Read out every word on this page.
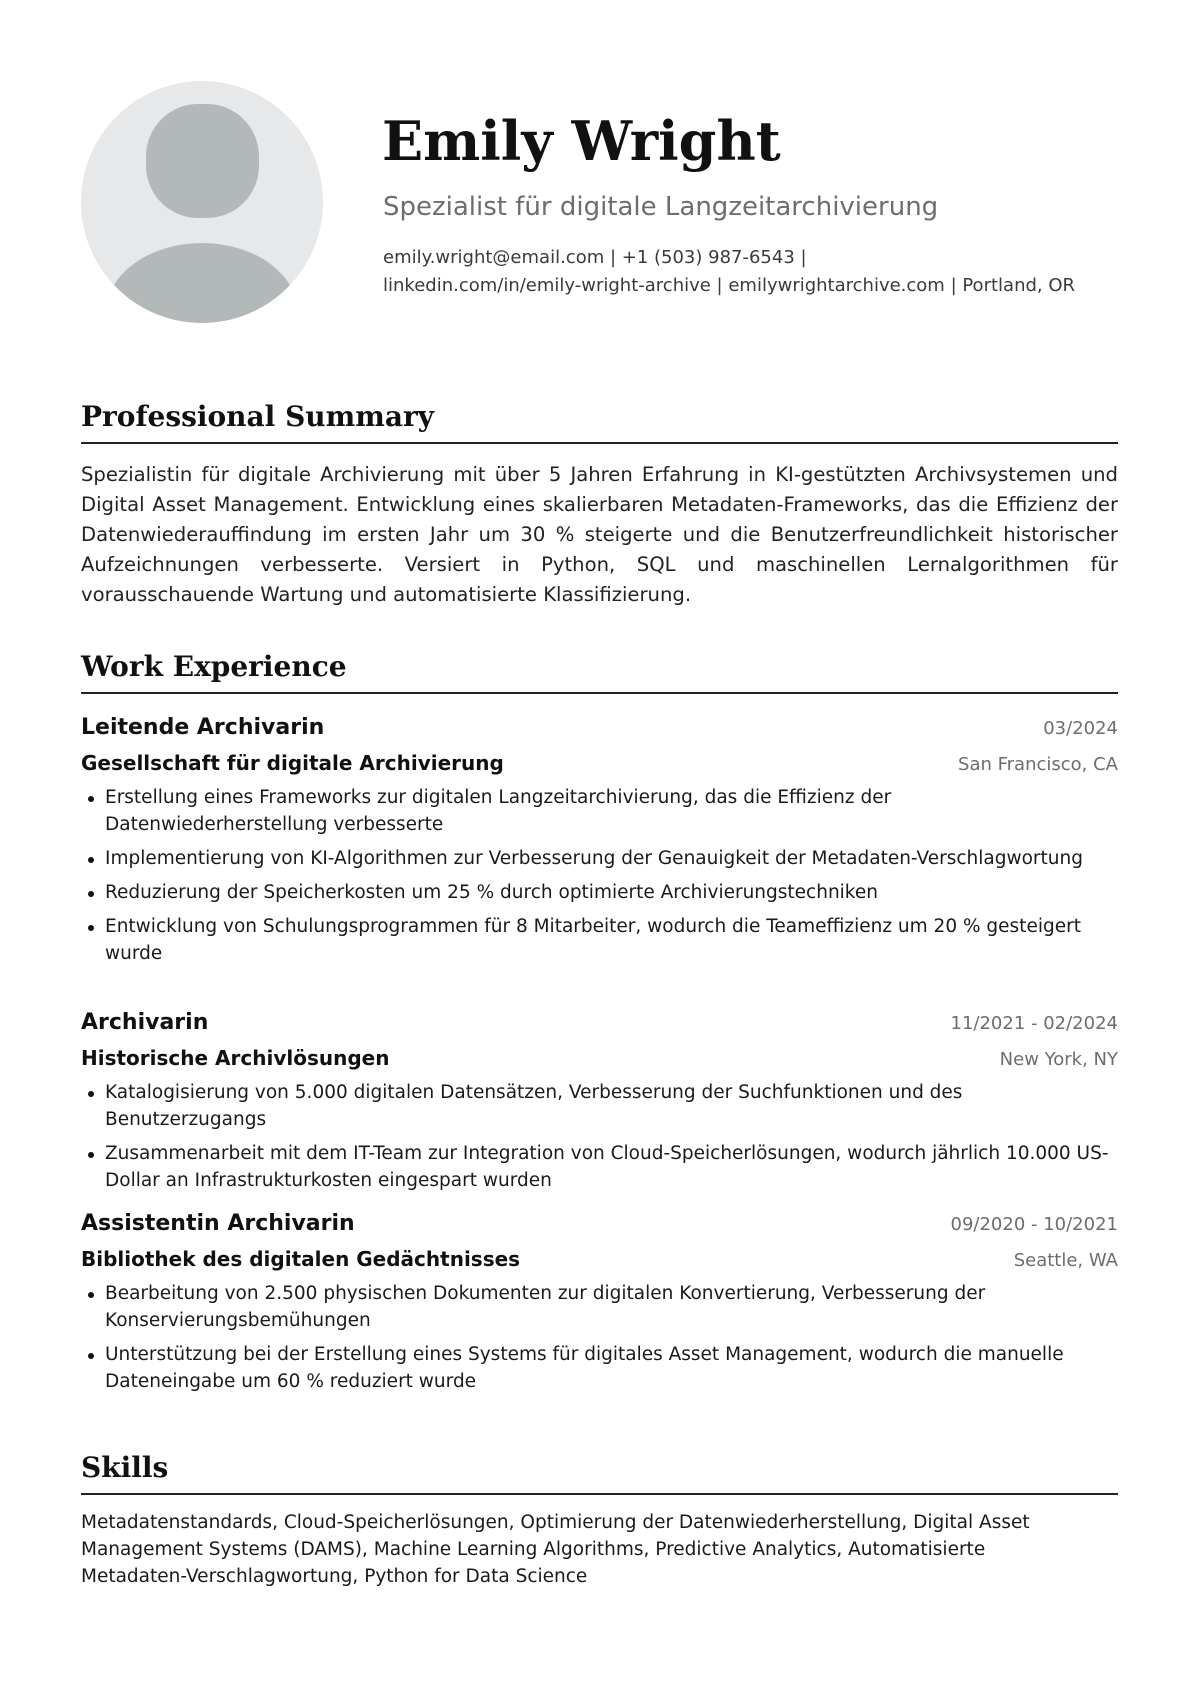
Emily Wright
Spezialist für digitale Langzeitarchivierung
emily.wright@email.com | +1 (503) 987-6543 |
linkedin.com/in/emily-wright-archive | emilywrightarchive.com | Portland, OR
Professional Summary
Spezialistin für digitale Archivierung mit über 5 Jahren Erfahrung in KI-gestützten Archivsystemen und Digital Asset Management. Entwicklung eines skalierbaren Metadaten-Frameworks, das die Effizienz der Datenwiederauffindung im ersten Jahr um 30 % steigerte und die Benutzerfreundlichkeit historischer Aufzeichnungen verbesserte. Versiert in Python, SQL und maschinellen Lernalgorithmen für vorausschauende Wartung und automatisierte Klassifizierung.
Work Experience
Leitende Archivarin	03/2024
Gesellschaft für digitale Archivierung	San Francisco, CA
Erstellung eines Frameworks zur digitalen Langzeitarchivierung, das die Effizienz der Datenwiederherstellung verbesserte
Implementierung von KI-Algorithmen zur Verbesserung der Genauigkeit der Metadaten-Verschlagwortung
Reduzierung der Speicherkosten um 25 % durch optimierte Archivierungstechniken
Entwicklung von Schulungsprogrammen für 8 Mitarbeiter, wodurch die Teameffizienz um 20 % gesteigert wurde
Archivarin	11/2021 - 02/2024
Historische Archivlösungen	New York, NY
Katalogisierung von 5.000 digitalen Datensätzen, Verbesserung der Suchfunktionen und des Benutzerzugangs
Zusammenarbeit mit dem IT-Team zur Integration von Cloud-Speicherlösungen, wodurch jährlich 10.000 US-Dollar an Infrastrukturkosten eingespart wurden
Assistentin Archivarin	09/2020 - 10/2021
Bibliothek des digitalen Gedächtnisses	Seattle, WA
Bearbeitung von 2.500 physischen Dokumenten zur digitalen Konvertierung, Verbesserung der Konservierungsbemühungen
Unterstützung bei der Erstellung eines Systems für digitales Asset Management, wodurch die manuelle Dateneingabe um 60 % reduziert wurde
Skills
Metadatenstandards, Cloud-Speicherlösungen, Optimierung der Datenwiederherstellung, Digital Asset Management Systems (DAMS), Machine Learning Algorithms, Predictive Analytics, Automatisierte Metadaten-Verschlagwortung, Python for Data Science
